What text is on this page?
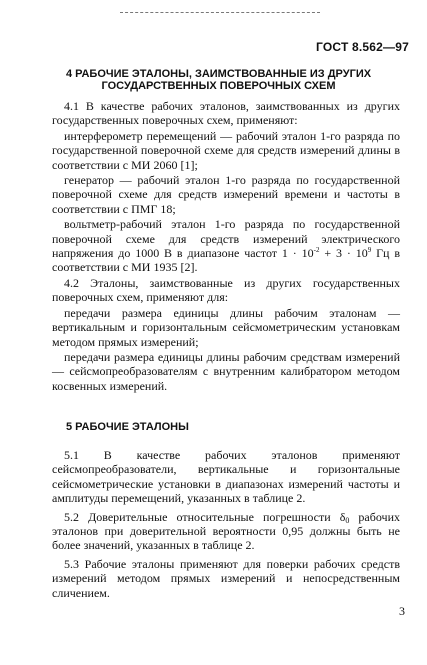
ГОСТ 8.562—97
4 РАБОЧИЕ ЭТАЛОНЫ, ЗАИМСТВОВАННЫЕ ИЗ ДРУГИХ ГОСУДАРСТВЕННЫХ ПОВЕРОЧНЫХ СХЕМ

4.1 В качестве рабочих эталонов, заимствованных из других государственных поверочных схем, применяют:

интерферометр перемещений — рабочий эталон 1-го разряда по государственной поверочной схеме для средств измерений длины в соответствии с МИ 2060 [1];

генератор — рабочий эталон 1-го разряда по государственной поверочной схеме для средств измерений времени и частоты в соответствии с ПМГ 18;

вольтметр-рабочий эталон 1-го разряда по государственной поверочной схеме для средств измерений электрического напряжения до 1000 В в диапазоне частот $1 \cdot 10^{-2} + 3 \cdot 10^9$ Гц в соответствии с МИ 1935 [2].

4.2 Эталоны, заимствованные из других государственных поверочных схем, применяют для:

передачи размера единицы длины рабочим эталонам — вертикальным и горизонтальным сейсмометрическим установкам методом прямых измерений;

передачи размера единицы длины рабочим средствам измерений — сейсмопреобразователям с внутренним калибратором методом косвенных измерений.

5 РАБОЧИЕ ЭТАЛОНЫ

5.1 В качестве рабочих эталонов применяют сейсмопреобразователи, вертикальные и горизонтальные сейсмометрические установки в диапазонах измерений частоты и амплитуды перемещений, указанных в таблице 2.

5.2 Доверительные относительные погрешности $\delta_0$ рабочих эталонов при доверительной вероятности 0,95 должны быть не более значений, указанных в таблице 2.

5.3 Рабочие эталоны применяют для поверки рабочих средств измерений методом прямых измерений и непосредственным сличением.

3
